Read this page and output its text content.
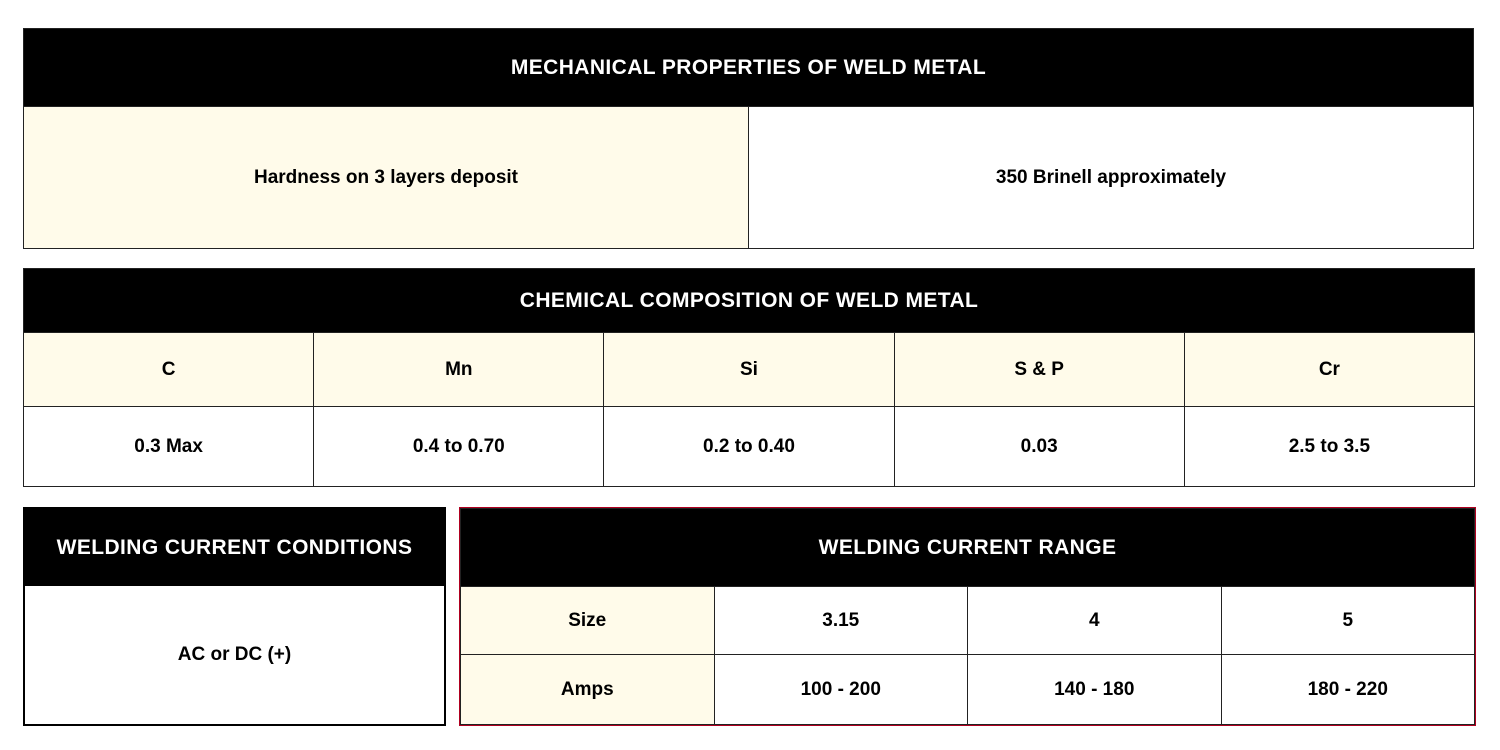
MECHANICAL PROPERTIES OF WELD METAL
Hardness on 3 layers deposit	350 Brinell approximately
CHEMICAL COMPOSITION OF WELD METAL				
C	Mn	Si	S & P	Cr
0.3 Max	0.4 to 0.70	0.2 to 0.40	0.03	2.5 to 3.5
WELDING CURRENT CONDITIONS
AC or DC (+)
WELDING CURRENT RANGE			
Size	3.15	4	5
Amps	100 - 200	140 - 180	180 - 220
